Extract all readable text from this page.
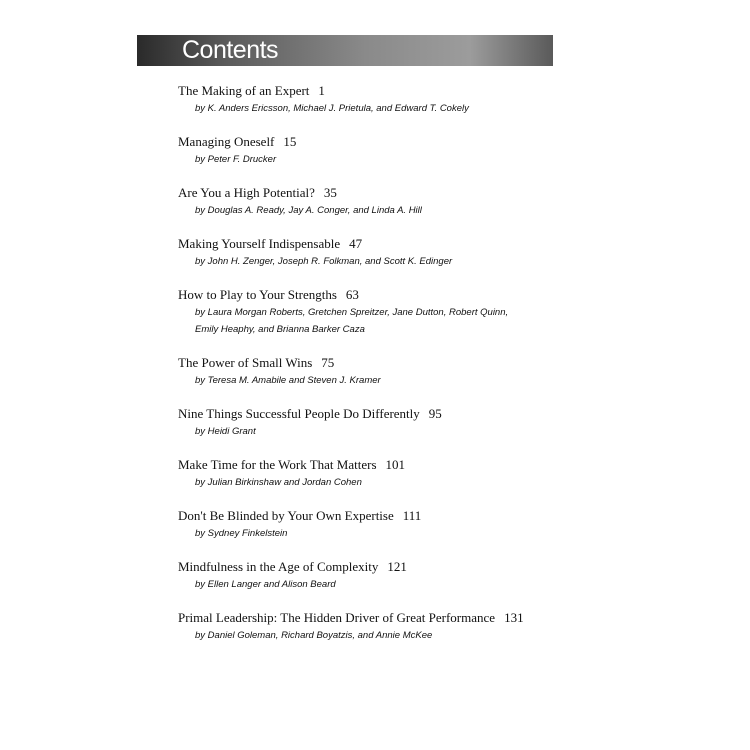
Contents
The Making of an Expert 1
by K. Anders Ericsson, Michael J. Prietula, and Edward T. Cokely
Managing Oneself 15
by Peter F. Drucker
Are You a High Potential? 35
by Douglas A. Ready, Jay A. Conger, and Linda A. Hill
Making Yourself Indispensable 47
by John H. Zenger, Joseph R. Folkman, and Scott K. Edinger
How to Play to Your Strengths 63
by Laura Morgan Roberts, Gretchen Spreitzer, Jane Dutton, Robert Quinn,
Emily Heaphy, and Brianna Barker Caza
The Power of Small Wins 75
by Teresa M. Amabile and Steven J. Kramer
Nine Things Successful People Do Differently 95
by Heidi Grant
Make Time for the Work That Matters 101
by Julian Birkinshaw and Jordan Cohen
Don't Be Blinded by Your Own Expertise 111
by Sydney Finkelstein
Mindfulness in the Age of Complexity 121
by Ellen Langer and Alison Beard
Primal Leadership: The Hidden Driver of Great Performance 131
by Daniel Goleman, Richard Boyatzis, and Annie McKee
